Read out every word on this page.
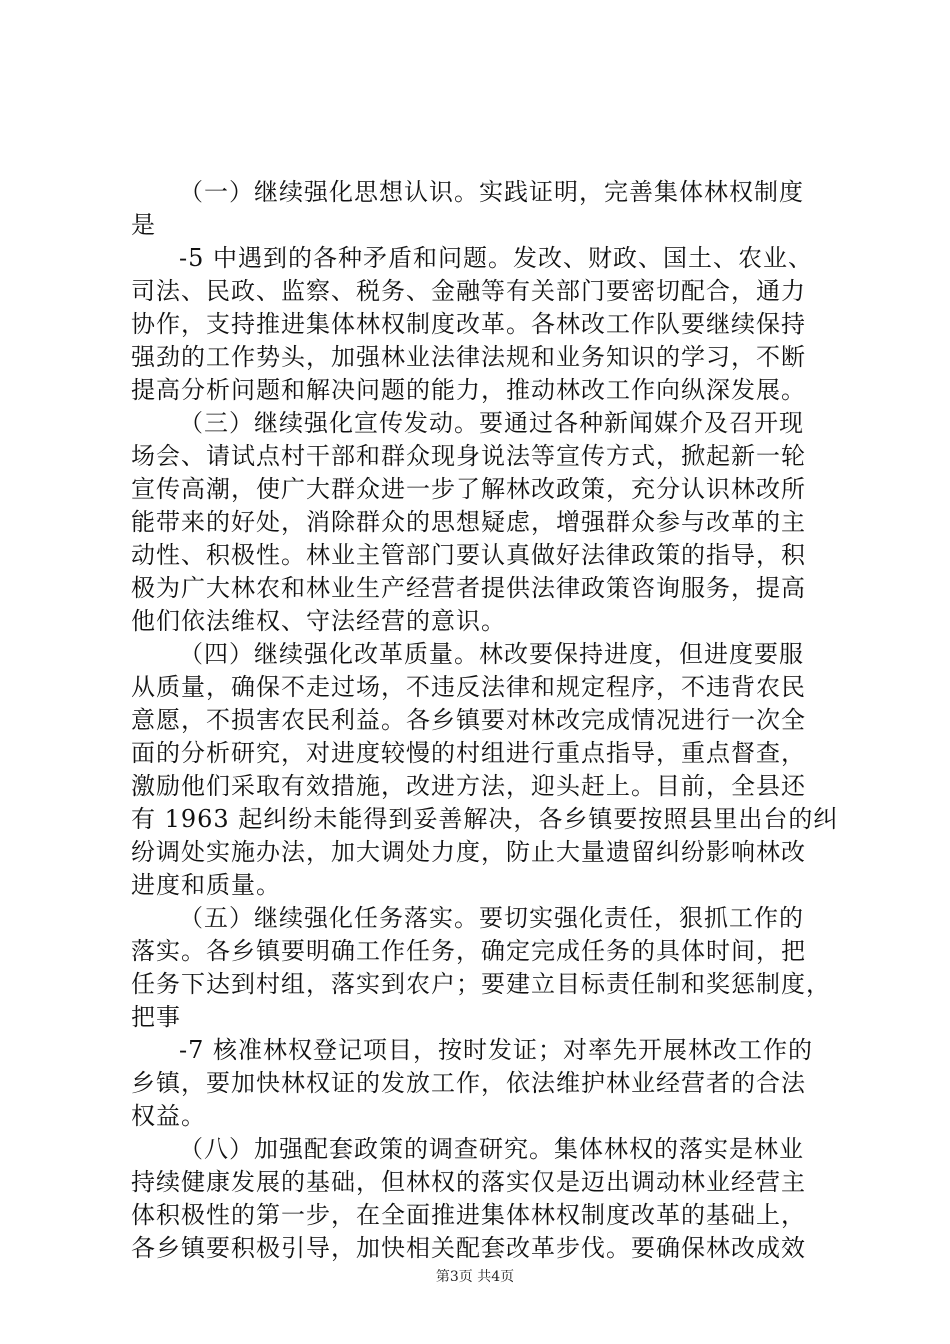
（一）继续强化思想认识。实践证明，完善集体林权制度
是
-5 中遇到的各种矛盾和问题。发改、财政、国土、农业、
司法、民政、监察、税务、金融等有关部门要密切配合，通力
协作，支持推进集体林权制度改革。各林改工作队要继续保持
强劲的工作势头，加强林业法律法规和业务知识的学习，不断
提高分析问题和解决问题的能力，推动林改工作向纵深发展。
（三）继续强化宣传发动。要通过各种新闻媒介及召开现
场会、请试点村干部和群众现身说法等宣传方式，掀起新一轮
宣传高潮，使广大群众进一步了解林改政策，充分认识林改所
能带来的好处，消除群众的思想疑虑，增强群众参与改革的主
动性、积极性。林业主管部门要认真做好法律政策的指导，积
极为广大林农和林业生产经营者提供法律政策咨询服务，提高
他们依法维权、守法经营的意识。
（四）继续强化改革质量。林改要保持进度，但进度要服
从质量，确保不走过场，不违反法律和规定程序，不违背农民
意愿，不损害农民利益。各乡镇要对林改完成情况进行一次全
面的分析研究，对进度较慢的村组进行重点指导，重点督查，
激励他们采取有效措施，改进方法，迎头赶上。目前，全县还
有 1963 起纠纷未能得到妥善解决，各乡镇要按照县里出台的纠
纷调处实施办法，加大调处力度，防止大量遗留纠纷影响林改
进度和质量。
（五）继续强化任务落实。要切实强化责任，狠抓工作的
落实。各乡镇要明确工作任务，确定完成任务的具体时间，把
任务下达到村组，落实到农户；要建立目标责任制和奖惩制度，
把事
-7 核准林权登记项目，按时发证；对率先开展林改工作的
乡镇，要加快林权证的发放工作，依法维护林业经营者的合法
权益。
（八）加强配套政策的调查研究。集体林权的落实是林业
持续健康发展的基础，但林权的落实仅是迈出调动林业经营主
体积极性的第一步，在全面推进集体林权制度改革的基础上，
各乡镇要积极引导，加快相关配套改革步伐。要确保林改成效
第3页 共4页
